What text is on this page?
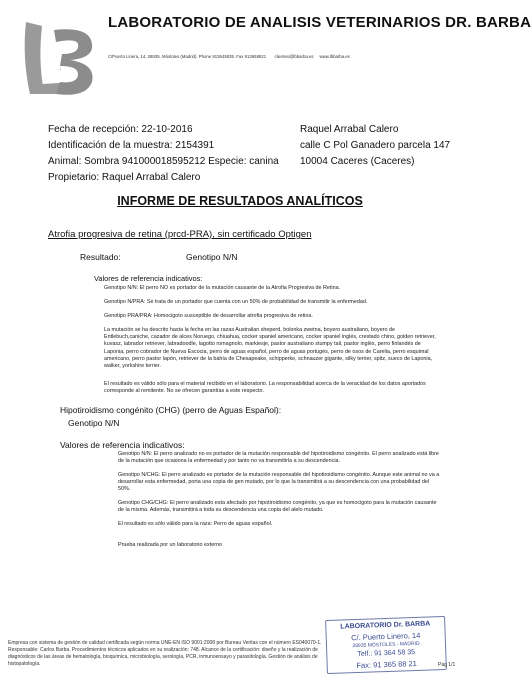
LB
LABORATORIO DE ANALISIS VETERINARIOS DR. BARBA
C/Puerto Linera, 14. 28935. Móstoles (Madrid). Phone 913645835. Fax 913658821 clientes@lbbarba.es www.lbbarba.es
Fecha de recepción: 22-10-2016
Identificación de la muestra: 2154391
Animal: Sombra 941000018595212 Especie: canina
Propietario: Raquel Arrabal Calero
Raquel Arrabal Calero
calle C Pol Ganadero parcela 147
10004 Caceres (Caceres)
INFORME DE RESULTADOS ANALÍTICOS
Atrofia progresiva de retina (prcd-PRA), sin certificado Optigen
Resultado:	Genotipo N/N
Valores de referencia indicativos:
Genotipo N/N: El perro NO es portador de la mutación causante de la Atrofia Progresiva de Retina.
Genotipo N/PRA: Se trata de un portador que cuenta con un 50% de probabilidad de transmitir la enfermedad.
Genotipo PRA/PRA: Homocigoto susceptible de desarrollar atrofia progresiva de retina.
La mutación se ha descrito hasta la fecha en las razas Australian sheperd, bolonka zwetna, boyero australiano, boyero de Entlebuch,caniche, cazador de alces Noruego, chiuahua, cocker spaniel americano, cocker spaniel inglés, crestado chino, golden retriever, kuvasz, labrador retriever, labradoodle, lagotto romagnolo, markiesje, pastor australiano stumpy tail, pastor inglés, perro finlandés de Laponia, perro cobrador de Nueva Escocia, perro de aguas español, perro de aguas portugés, perro de osos de Carelia, perro esquimal americano, perro pastor lapón, retriever de la bahía de Chesapeake, schipperke, schnauzer gigante, silky terrier, spitz, sueco de Laponia, walker, yorkshire terrier.
El resultado es válido sólo para el material recibido en el laboratorio. La responsabilidad acerca de la veracidad de los datos aportados corresponde al remitente. No se ofrecen garantías a este respecto.
Hipotiroidismo congénito (CHG) (perro de Aguas Español):
Genotipo N/N
Valores de referencia indicativos:
Genotipo N/N: El perro analizado no es portador de la mutación responsable del hipotiroidismo congénito. El perro analizado está libre de la mutación que ocasiona la enfermedad y por tanto no va transmitirla a su descendencia.
Genotipo N/CHG: El perro analizado es portador de la mutación responsable del hipotiroidismo congénito. Aunque este animal no va a desarrollar esta enfermedad, porta una copia de gen mutado, por lo que la transmitirá a su descendencia con una probabilidad del 50%.
Genotipo CHG/CHG: El perro analizado esta afectado por hipotiroidismo congénito, ya que es homocigoto para la mutación causante de la misma. Además, transmitirá a toda su descendencia una copia del alelo mutado.
El resultado es sólo válido para la raza: Perro de aguas español.
Prueba realizada por un laboratorio externo
Empresa con sistema de gestión de calidad certificada según norma UNE-EN ISO 9001:2008 por Bureau Veritas con el número ES040070-1. Responsable: Carlos Barba. Procedimientos técnicos aplicados en su realización: 748. Alcance de la certificación: diseño y la realización de diagnósticos de las áreas de hematología, bioquímica, microbiología, serología, PCR, inmunoensayo y parasitología. Gestión de análisis de histopatología.
LABORATORIO Dr. BARBA
C/. Puerto Linero, 14
28935 MÓSTOLES - MADRID
Telf.: 91 364 58 35
Fax: 91 365 88 21	Pág 1/1
